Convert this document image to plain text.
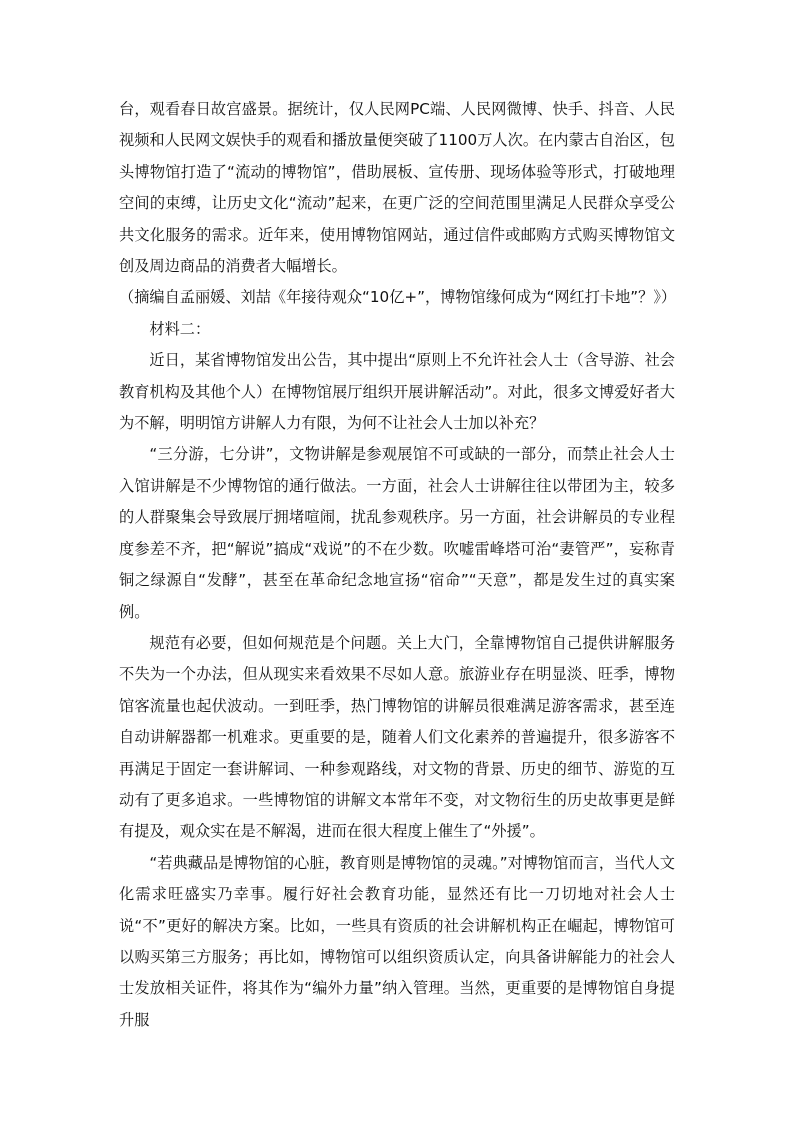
台，观看春日故宫盛景。据统计，仅人民网PC端、人民网微博、快手、抖音、人民视频和人民网文娱快手的观看和播放量便突破了1100万人次。在内蒙古自治区，包头博物馆打造了“流动的博物馆”，借助展板、宣传册、现场体验等形式，打破地理空间的束缚，让历史文化“流动”起来，在更广泛的空间范围里满足人民群众享受公共文化服务的需求。近年来，使用博物馆网站，通过信件或邮购方式购买博物馆文创及周边商品的消费者大幅增长。

（摘编自孟丽媛、刘喆《年接待观众“10亿+”，博物馆缘何成为“网红打卡地”？》）

材料二：

近日，某省博物馆发出公告，其中提出“原则上不允许社会人士（含导游、社会教育机构及其他个人）在博物馆展厅组织开展讲解活动”。对此，很多文博爱好者大为不解，明明馆方讲解人力有限，为何不让社会人士加以补充？

“三分游，七分讲”，文物讲解是参观展馆不可或缺的一部分，而禁止社会人士入馆讲解是不少博物馆的通行做法。一方面，社会人士讲解往往以带团为主，较多的人群聚集会导致展厅拥堵喧闹，扰乱参观秩序。另一方面，社会讲解员的专业程度参差不齐，把“解说”搞成“戏说”的不在少数。吹嘘雷峰塔可治“妻管严”，妄称青铜之绿源自“发酵”，甚至在革命纪念地宣扬“宿命”“天意”，都是发生过的真实案例。

规范有必要，但如何规范是个问题。关上大门，全靠博物馆自己提供讲解服务不失为一个办法，但从现实来看效果不尽如人意。旅游业存在明显淡、旺季，博物馆客流量也起伏波动。一到旺季，热门博物馆的讲解员很难满足游客需求，甚至连自动讲解器都一机难求。更重要的是，随着人们文化素养的普遍提升，很多游客不再满足于固定一套讲解词、一种参观路线，对文物的背景、历史的细节、游览的互动有了更多追求。一些博物馆的讲解文本常年不变，对文物衍生的历史故事更是鲜有提及，观众实在是不解渴，进而在很大程度上催生了“外援”。

“若典藏品是博物馆的心脏，教育则是博物馆的灵魂。”对博物馆而言，当代人文化需求旺盛实乃幸事。履行好社会教育功能，显然还有比一刀切地对社会人士说“不”更好的解决方案。比如，一些具有资质的社会讲解机构正在崛起，博物馆可以购买第三方服务；再比如，博物馆可以组织资质认定，向具备讲解能力的社会人士发放相关证件，将其作为“编外力量”纳入管理。当然，更重要的是博物馆自身提升服
